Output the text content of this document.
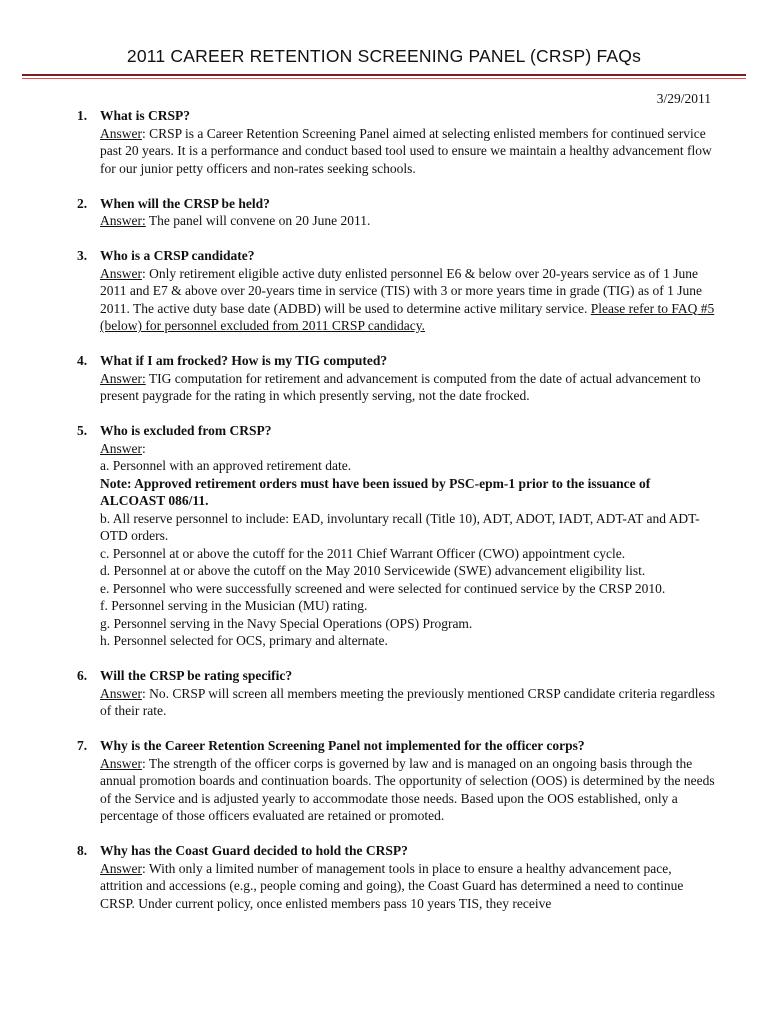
2011 CAREER RETENTION SCREENING PANEL (CRSP) FAQs
3/29/2011
1. What is CRSP?
Answer: CRSP is a Career Retention Screening Panel aimed at selecting enlisted members for continued service past 20 years. It is a performance and conduct based tool used to ensure we maintain a healthy advancement flow for our junior petty officers and non-rates seeking schools.
2. When will the CRSP be held?
Answer: The panel will convene on 20 June 2011.
3. Who is a CRSP candidate?
Answer: Only retirement eligible active duty enlisted personnel E6 & below over 20-years service as of 1 June 2011 and E7 & above over 20-years time in service (TIS) with 3 or more years time in grade (TIG) as of 1 June 2011. The active duty base date (ADBD) will be used to determine active military service. Please refer to FAQ #5 (below) for personnel excluded from 2011 CRSP candidacy.
4. What if I am frocked? How is my TIG computed?
Answer: TIG computation for retirement and advancement is computed from the date of actual advancement to present paygrade for the rating in which presently serving, not the date frocked.
5. Who is excluded from CRSP?
Answer:
a. Personnel with an approved retirement date.
Note: Approved retirement orders must have been issued by PSC-epm-1 prior to the issuance of ALCOAST 086/11.
b. All reserve personnel to include: EAD, involuntary recall (Title 10), ADT, ADOT, IADT, ADT-AT and ADT-OTD orders.
c. Personnel at or above the cutoff for the 2011 Chief Warrant Officer (CWO) appointment cycle.
d. Personnel at or above the cutoff on the May 2010 Servicewide (SWE) advancement eligibility list.
e. Personnel who were successfully screened and were selected for continued service by the CRSP 2010.
f. Personnel serving in the Musician (MU) rating.
g. Personnel serving in the Navy Special Operations (OPS) Program.
h. Personnel selected for OCS, primary and alternate.
6. Will the CRSP be rating specific?
Answer: No. CRSP will screen all members meeting the previously mentioned CRSP candidate criteria regardless of their rate.
7. Why is the Career Retention Screening Panel not implemented for the officer corps?
Answer: The strength of the officer corps is governed by law and is managed on an ongoing basis through the annual promotion boards and continuation boards. The opportunity of selection (OOS) is determined by the needs of the Service and is adjusted yearly to accommodate those needs. Based upon the OOS established, only a percentage of those officers evaluated are retained or promoted.
8. Why has the Coast Guard decided to hold the CRSP?
Answer: With only a limited number of management tools in place to ensure a healthy advancement pace, attrition and accessions (e.g., people coming and going), the Coast Guard has determined a need to continue CRSP. Under current policy, once enlisted members pass 10 years TIS, they receive
